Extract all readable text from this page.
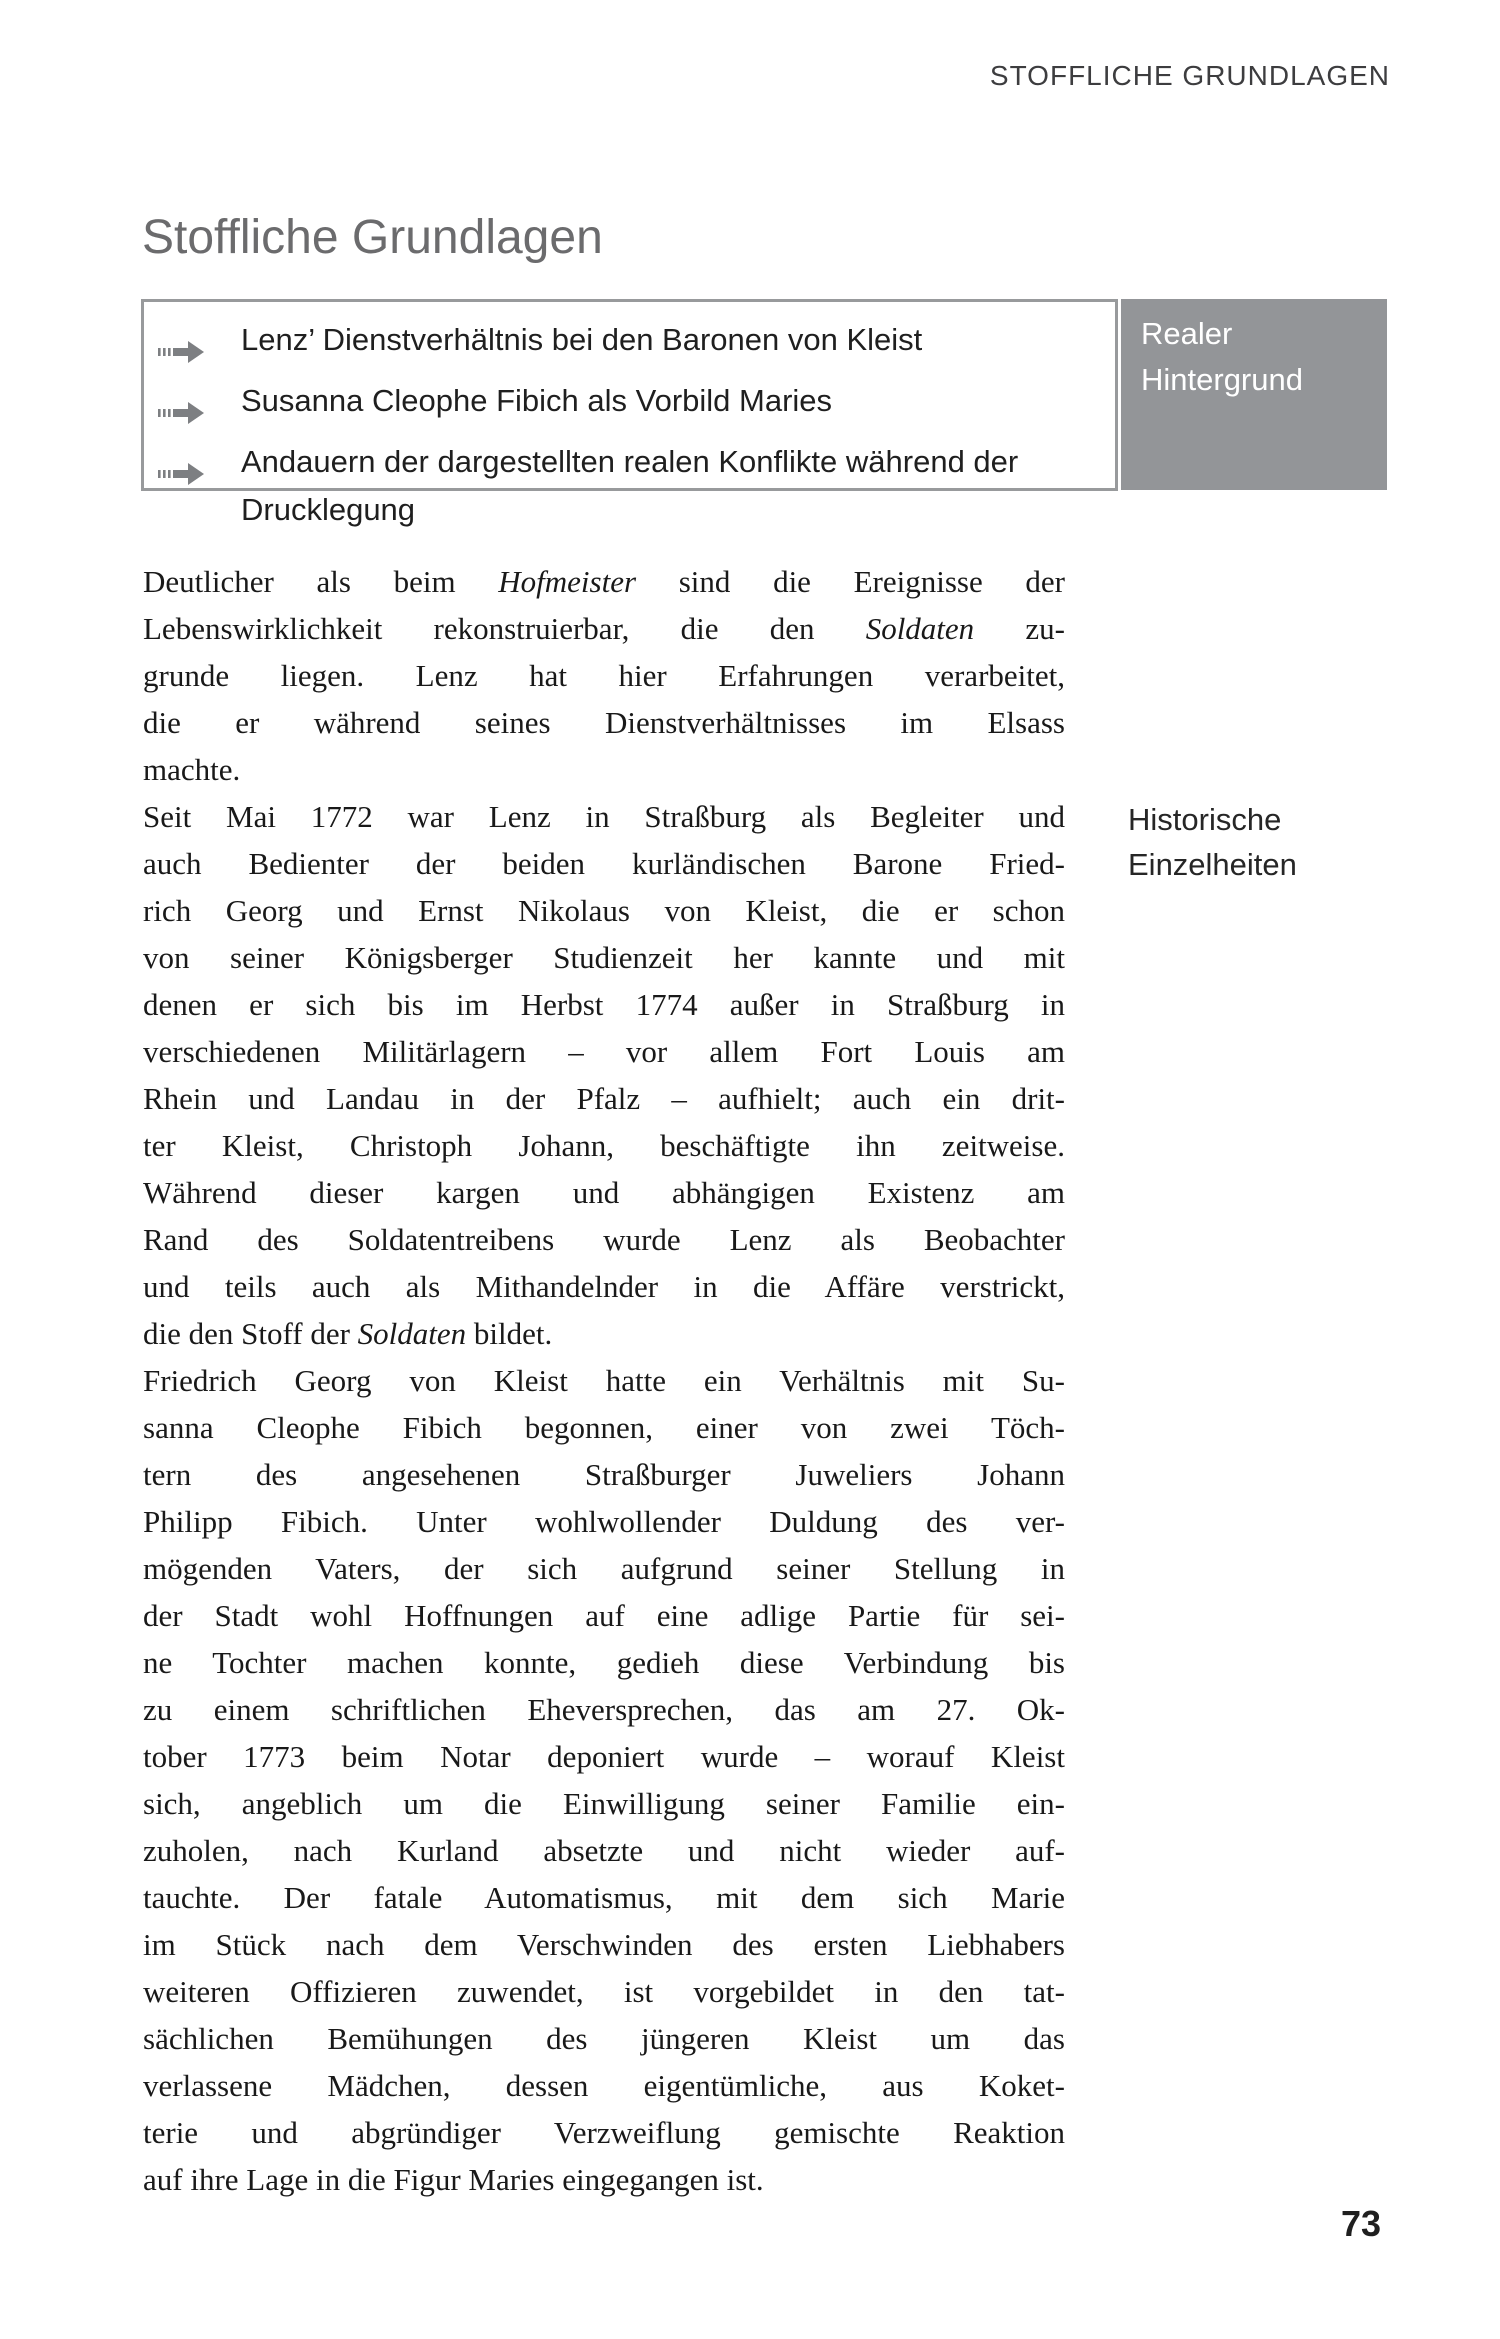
STOFFLICHE GRUNDLAGEN
Stoffliche Grundlagen
Lenz’ Dienstverhältnis bei den Baronen von Kleist
Susanna Cleophe Fibich als Vorbild Maries
Andauern der dargestellten realen Konflikte während der Drucklegung
Realer
Hintergrund
Historische
Einzelheiten
Deutlicher als beim Hofmeister sind die Ereignisse der
Lebenswirklichkeit rekonstruierbar, die den Soldaten zu-
grunde liegen. Lenz hat hier Erfahrungen verarbeitet,
die er während seines Dienstverhältnisses im Elsass
machte.
Seit Mai 1772 war Lenz in Straßburg als Begleiter und
auch Bedienter der beiden kurländischen Barone Fried-
rich Georg und Ernst Nikolaus von Kleist, die er schon
von seiner Königsberger Studienzeit her kannte und mit
denen er sich bis im Herbst 1774 außer in Straßburg in
verschiedenen Militärlagern – vor allem Fort Louis am
Rhein und Landau in der Pfalz – aufhielt; auch ein drit-
ter Kleist, Christoph Johann, beschäftigte ihn zeitweise.
Während dieser kargen und abhängigen Existenz am
Rand des Soldatentreibens wurde Lenz als Beobachter
und teils auch als Mithandelnder in die Affäre verstrickt,
die den Stoff der Soldaten bildet.
Friedrich Georg von Kleist hatte ein Verhältnis mit Su-
sanna Cleophe Fibich begonnen, einer von zwei Töch-
tern des angesehenen Straßburger Juweliers Johann
Philipp Fibich. Unter wohlwollender Duldung des ver-
mögenden Vaters, der sich aufgrund seiner Stellung in
der Stadt wohl Hoffnungen auf eine adlige Partie für sei-
ne Tochter machen konnte, gedieh diese Verbindung bis
zu einem schriftlichen Eheversprechen, das am 27. Ok-
tober 1773 beim Notar deponiert wurde – worauf Kleist
sich, angeblich um die Einwilligung seiner Familie ein-
zuholen, nach Kurland absetzte und nicht wieder auf-
tauchte. Der fatale Automatismus, mit dem sich Marie
im Stück nach dem Verschwinden des ersten Liebhabers
weiteren Offizieren zuwendet, ist vorgebildet in den tat-
sächlichen Bemühungen des jüngeren Kleist um das
verlassene Mädchen, dessen eigentümliche, aus Koket-
terie und abgründiger Verzweiflung gemischte Reaktion
auf ihre Lage in die Figur Maries eingegangen ist.
73
